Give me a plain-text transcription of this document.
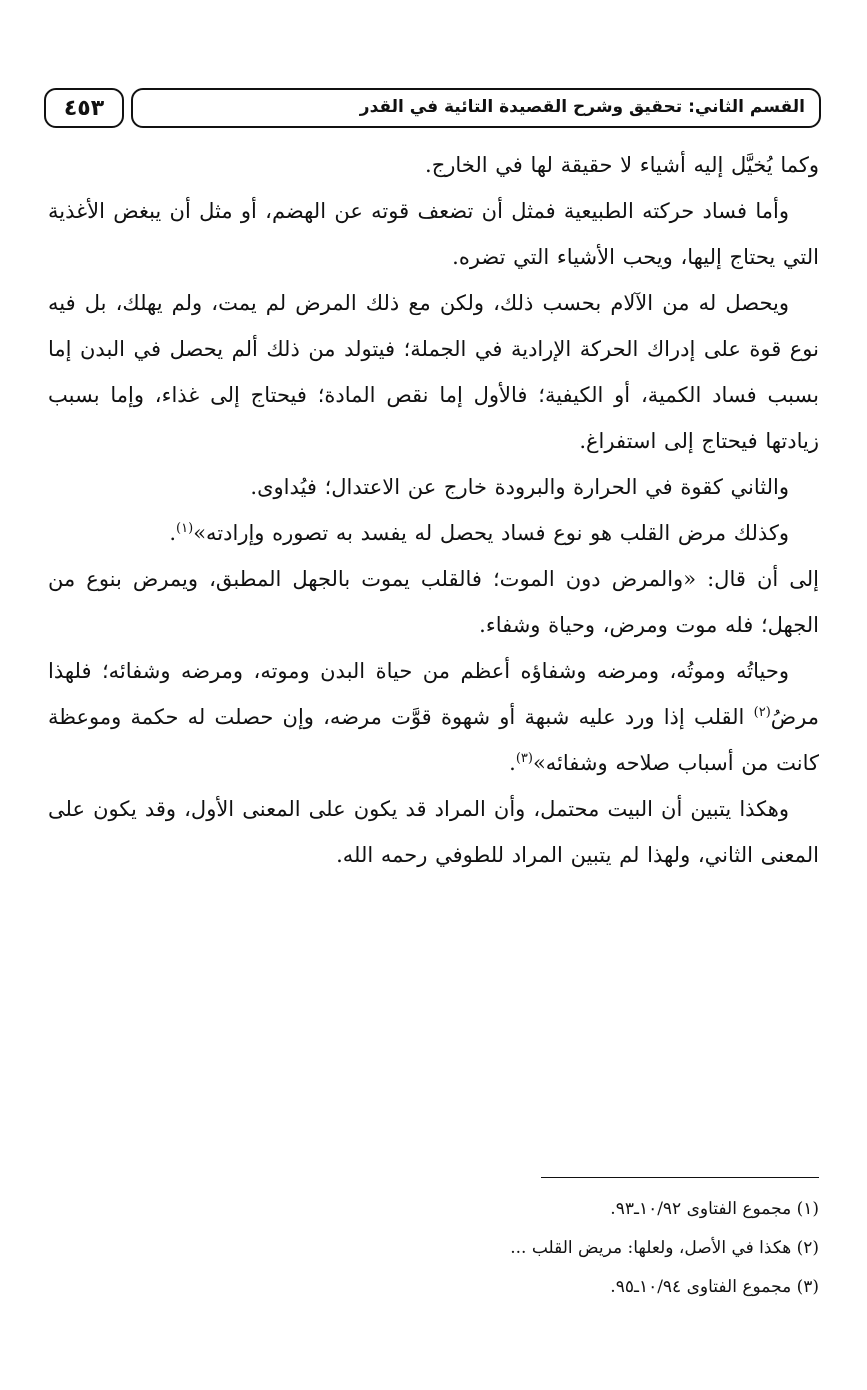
القسم الثاني: تحقيق وشرح القصيدة التائية في القدر
٤٥٣

وكما يُخيَّل إليه أشياء لا حقيقة لها في الخارج.

وأما فساد حركته الطبيعية فمثل أن تضعف قوته عن الهضم، أو مثل أن يبغض الأغذية التي يحتاج إليها، ويحب الأشياء التي تضره.

ويحصل له من الآلام بحسب ذلك، ولكن مع ذلك المرض لم يمت، ولم يهلك، بل فيه نوع قوة على إدراك الحركة الإرادية في الجملة؛ فيتولد من ذلك ألم يحصل في البدن إما بسبب فساد الكمية، أو الكيفية؛ فالأول إما نقص المادة؛ فيحتاج إلى غذاء، وإما بسبب زيادتها فيحتاج إلى استفراغ.

والثاني كقوة في الحرارة والبرودة خارج عن الاعتدال؛ فيُداوى.

وكذلك مرض القلب هو نوع فساد يحصل له يفسد به تصوره وإرادته»$^{(١)}$.

إلى أن قال: «والمرض دون الموت؛ فالقلب يموت بالجهل المطبق، ويمرض بنوع من الجهل؛ فله موت ومرض، وحياة وشفاء.

وحياتُه وموتُه، ومرضه وشفاؤه أعظم من حياة البدن وموته، ومرضه وشفائه؛ فلهذا مرضُ$^{(٢)}$ القلب إذا ورد عليه شبهة أو شهوة قوَّت مرضه، وإن حصلت له حكمة وموعظة كانت من أسباب صلاحه وشفائه»$^{(٣)}$.

وهكذا يتبين أن البيت محتمل، وأن المراد قد يكون على المعنى الأول، وقد يكون على المعنى الثاني، ولهذا لم يتبين المراد للطوفي رحمه الله.

(١) مجموع الفتاوى ١٠/٩٢ـ٩٣.

(٢) هكذا في الأصل، ولعلها: مريض القلب ...

(٣) مجموع الفتاوى ١٠/٩٤ـ٩٥.
